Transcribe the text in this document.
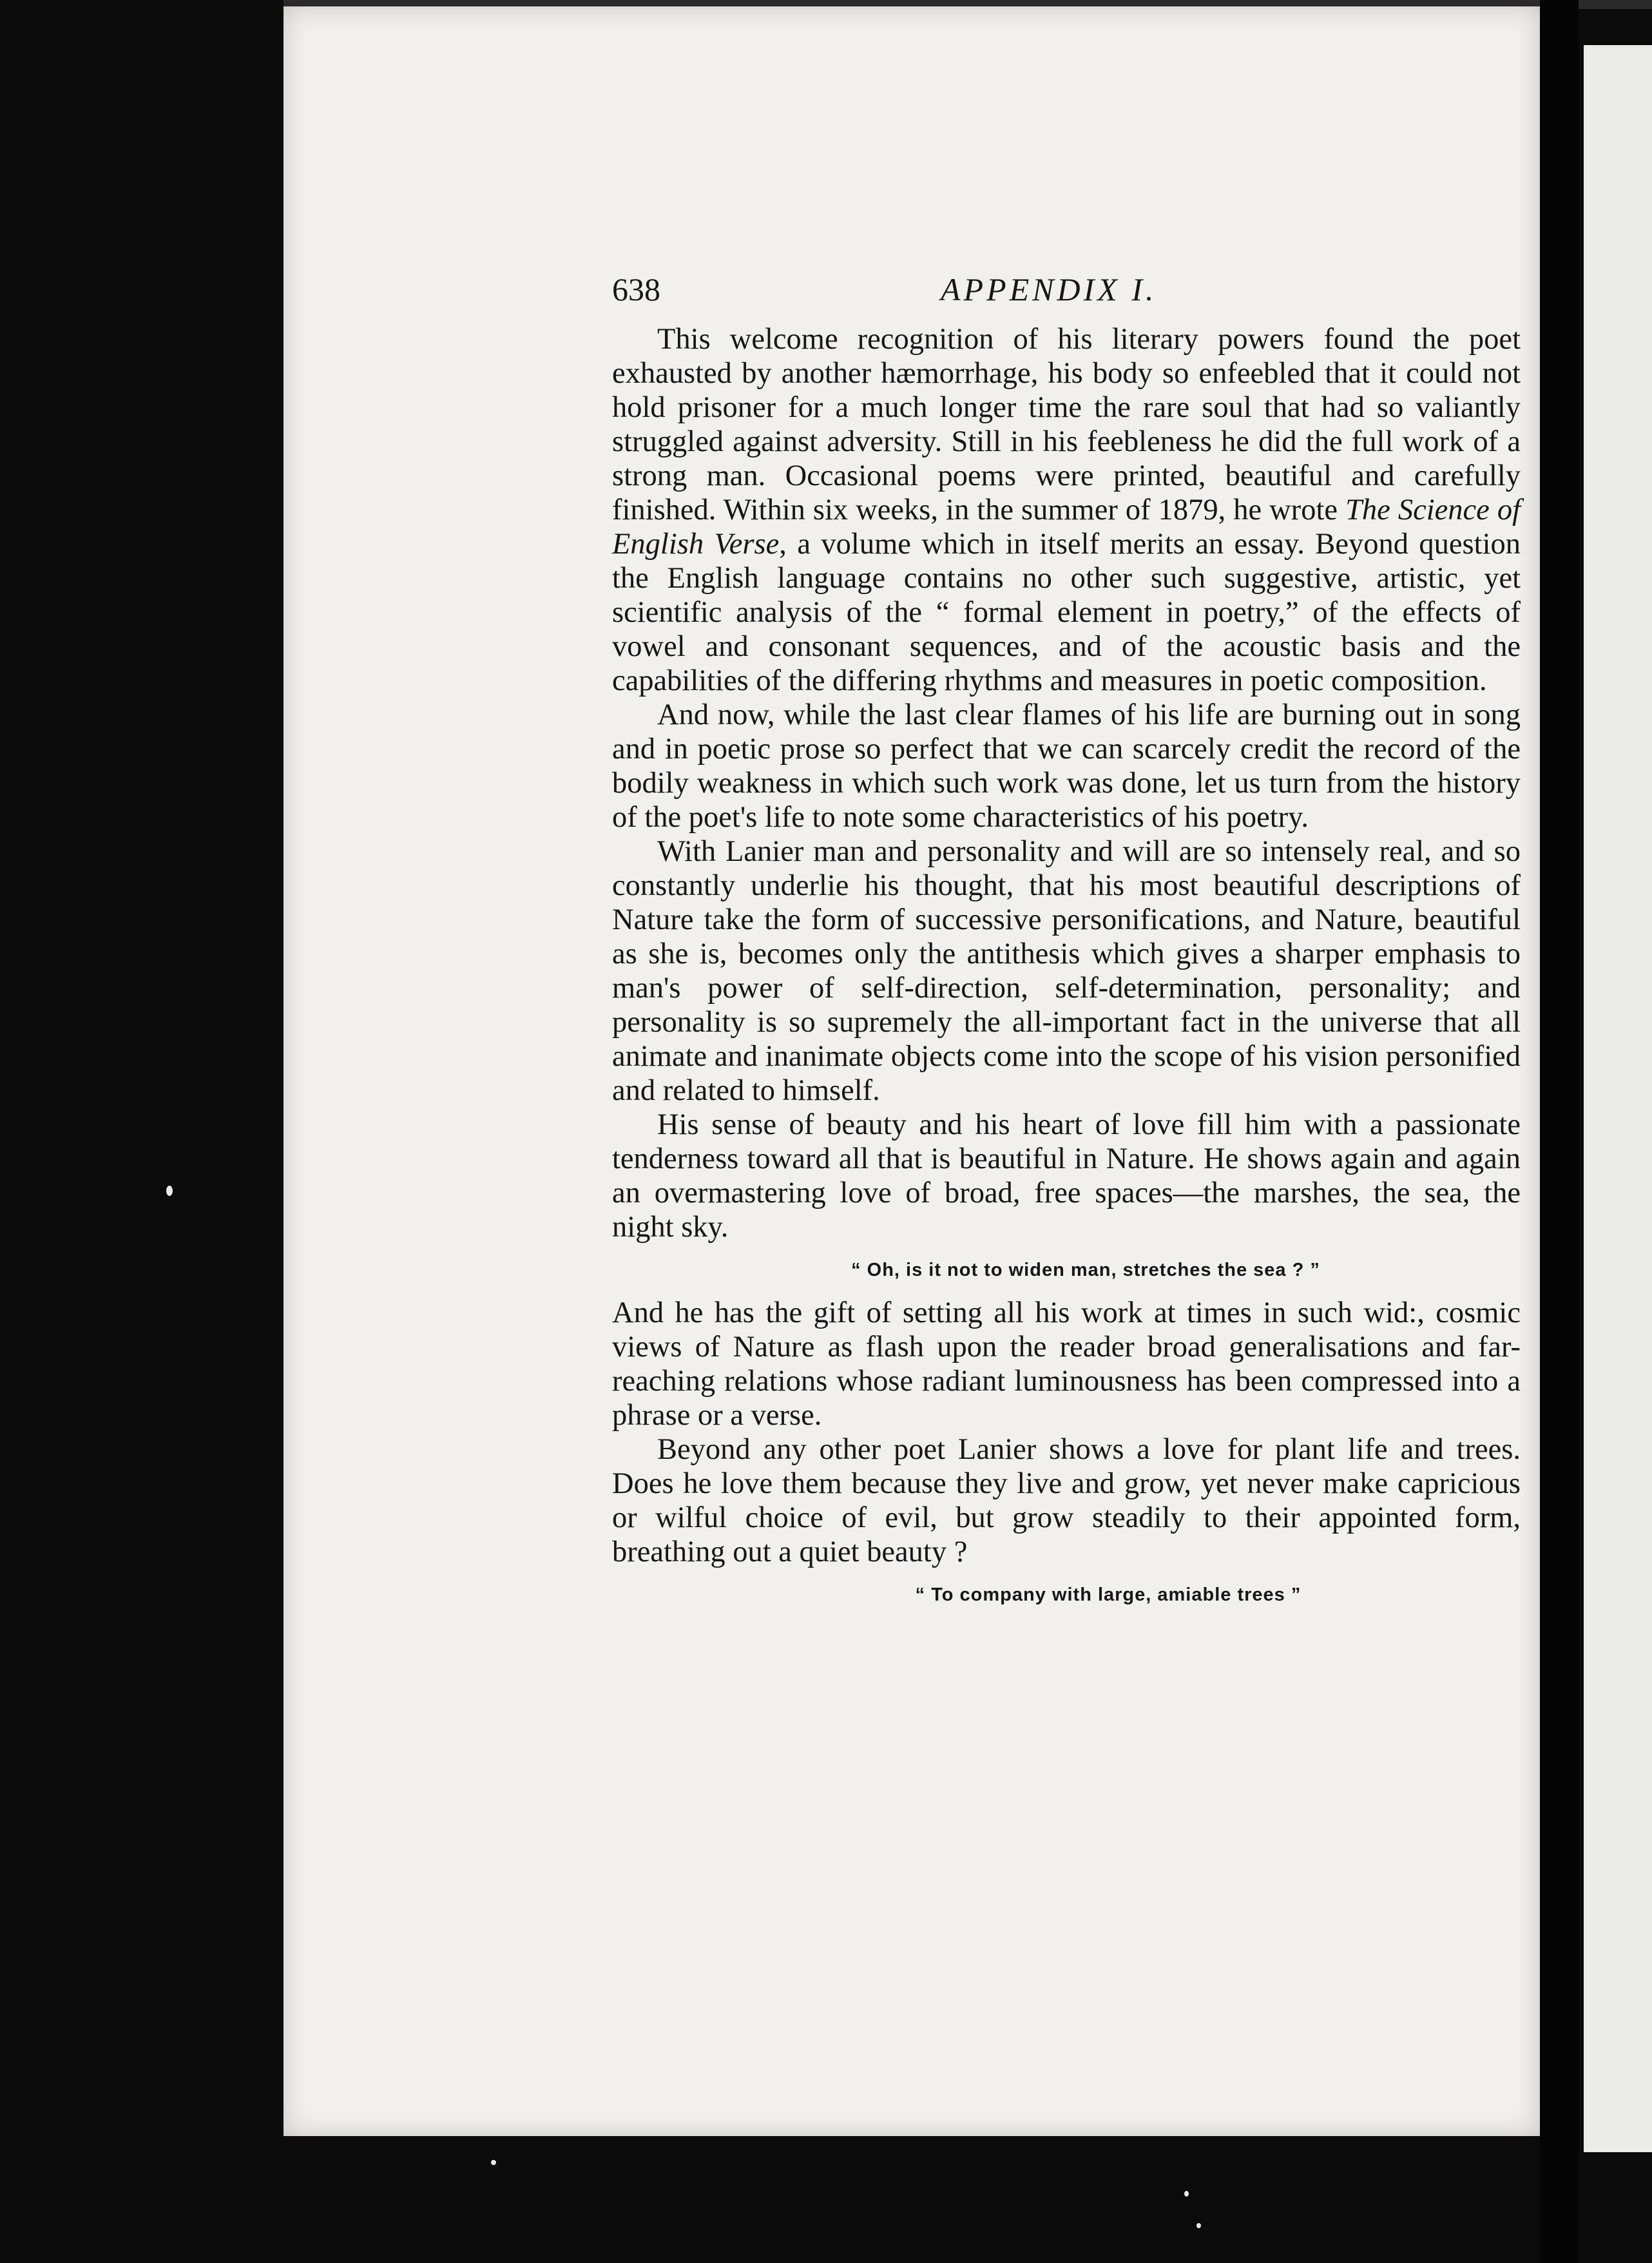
638	APPENDIX I.

This welcome recognition of his literary powers found the poet exhausted by another hæmorrhage, his body so enfeebled that it could not hold prisoner for a much longer time the rare soul that had so valiantly struggled against adversity. Still in his feebleness he did the full work of a strong man. Occasional poems were printed, beautiful and carefully finished. Within six weeks, in the summer of 1879, he wrote The Science of English Verse, a volume which in itself merits an essay. Beyond question the English language contains no other such suggestive, artistic, yet scientific analysis of the “ formal element in poetry,” of the effects of vowel and consonant sequences, and of the acoustic basis and the capabilities of the differing rhythms and measures in poetic composition.

And now, while the last clear flames of his life are burning out in song and in poetic prose so perfect that we can scarcely credit the record of the bodily weakness in which such work was done, let us turn from the history of the poet's life to note some characteristics of his poetry.

With Lanier man and personality and will are so intensely real, and so constantly underlie his thought, that his most beautiful descriptions of Nature take the form of successive personifications, and Nature, beautiful as she is, becomes only the antithesis which gives a sharper emphasis to man's power of self-direction, self-determination, personality; and personality is so supremely the all-important fact in the universe that all animate and inanimate objects come into the scope of his vision personified and related to himself.

His sense of beauty and his heart of love fill him with a passionate tenderness toward all that is beautiful in Nature. He shows again and again an overmastering love of broad, free spaces—the marshes, the sea, the night sky.

“ Oh, is it not to widen man, stretches the sea ? ”

And he has the gift of setting all his work at times in such wid:, cosmic views of Nature as flash upon the reader broad generalisations and far-reaching relations whose radiant luminousness has been compressed into a phrase or a verse.

Beyond any other poet Lanier shows a love for plant life and trees. Does he love them because they live and grow, yet never make capricious or wilful choice of evil, but grow steadily to their appointed form, breathing out a quiet beauty ?

“ To company with large, amiable trees ”
